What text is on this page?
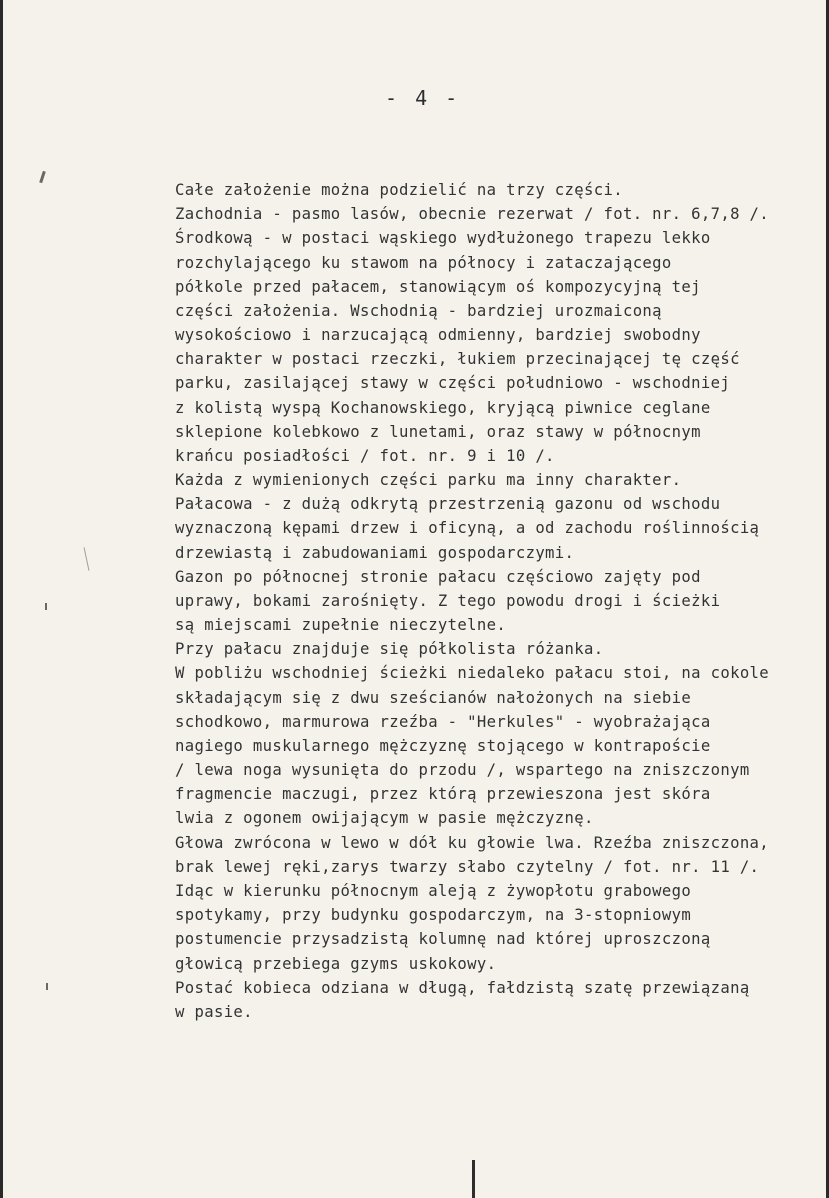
- 4 -
Całe założenie można podzielić na trzy części.
Zachodnia - pasmo lasów, obecnie rezerwat / fot. nr. 6,7,8 /.
Środkową - w postaci wąskiego wydłużonego trapezu lekko
rozchylającego ku stawom na północy i zataczającego
półkole przed pałacem, stanowiącym oś kompozycyjną tej
części założenia. Wschodnią - bardziej urozmaiconą
wysokościowo i narzucającą odmienny, bardziej swobodny
charakter w postaci rzeczki, łukiem przecinającej tę część
parku, zasilającej stawy w części południowo - wschodniej
z kolistą wyspą Kochanowskiego, kryjącą piwnice ceglane
sklepione kolebkowo z lunetami, oraz stawy w północnym
krańcu posiadłości / fot. nr. 9 i 10 /.
Każda z wymienionych części parku ma inny charakter.
Pałacowa - z dużą odkrytą przestrzenią gazonu od wschodu
wyznaczoną kępami drzew i oficyną, a od zachodu roślinnością
drzewiastą i zabudowaniami gospodarczymi.
Gazon po północnej stronie pałacu częściowo zajęty pod
uprawy, bokami zarośnięty. Z tego powodu drogi i ścieżki
są miejscami zupełnie nieczytelne.
Przy pałacu znajduje się półkolista różanka.
W pobliżu wschodniej ścieżki niedaleko pałacu stoi, na cokole
składającym się z dwu sześcianów nałożonych na siebie
schodkowo, marmurowa rzeźba - "Herkules" - wyobrażająca
nagiego muskularnego mężczyznę stojącego w kontrapoście
/ lewa noga wysunięta do przodu /, wspartego na zniszczonym
fragmencie maczugi, przez którą przewieszona jest skóra
lwia z ogonem owijającym w pasie mężczyznę.
Głowa zwrócona w lewo w dół ku głowie lwa. Rzeźba zniszczona,
brak lewej ręki,zarys twarzy słabo czytelny / fot. nr. 11 /.
Idąc w kierunku północnym aleją z żywopłotu grabowego
spotykamy, przy budynku gospodarczym, na 3-stopniowym
postumencie przysadzistą kolumnę nad której uproszczoną
głowicą przebiega gzyms uskokowy.
Postać kobieca odziana w długą, fałdzistą szatę przewiązaną
w pasie.
